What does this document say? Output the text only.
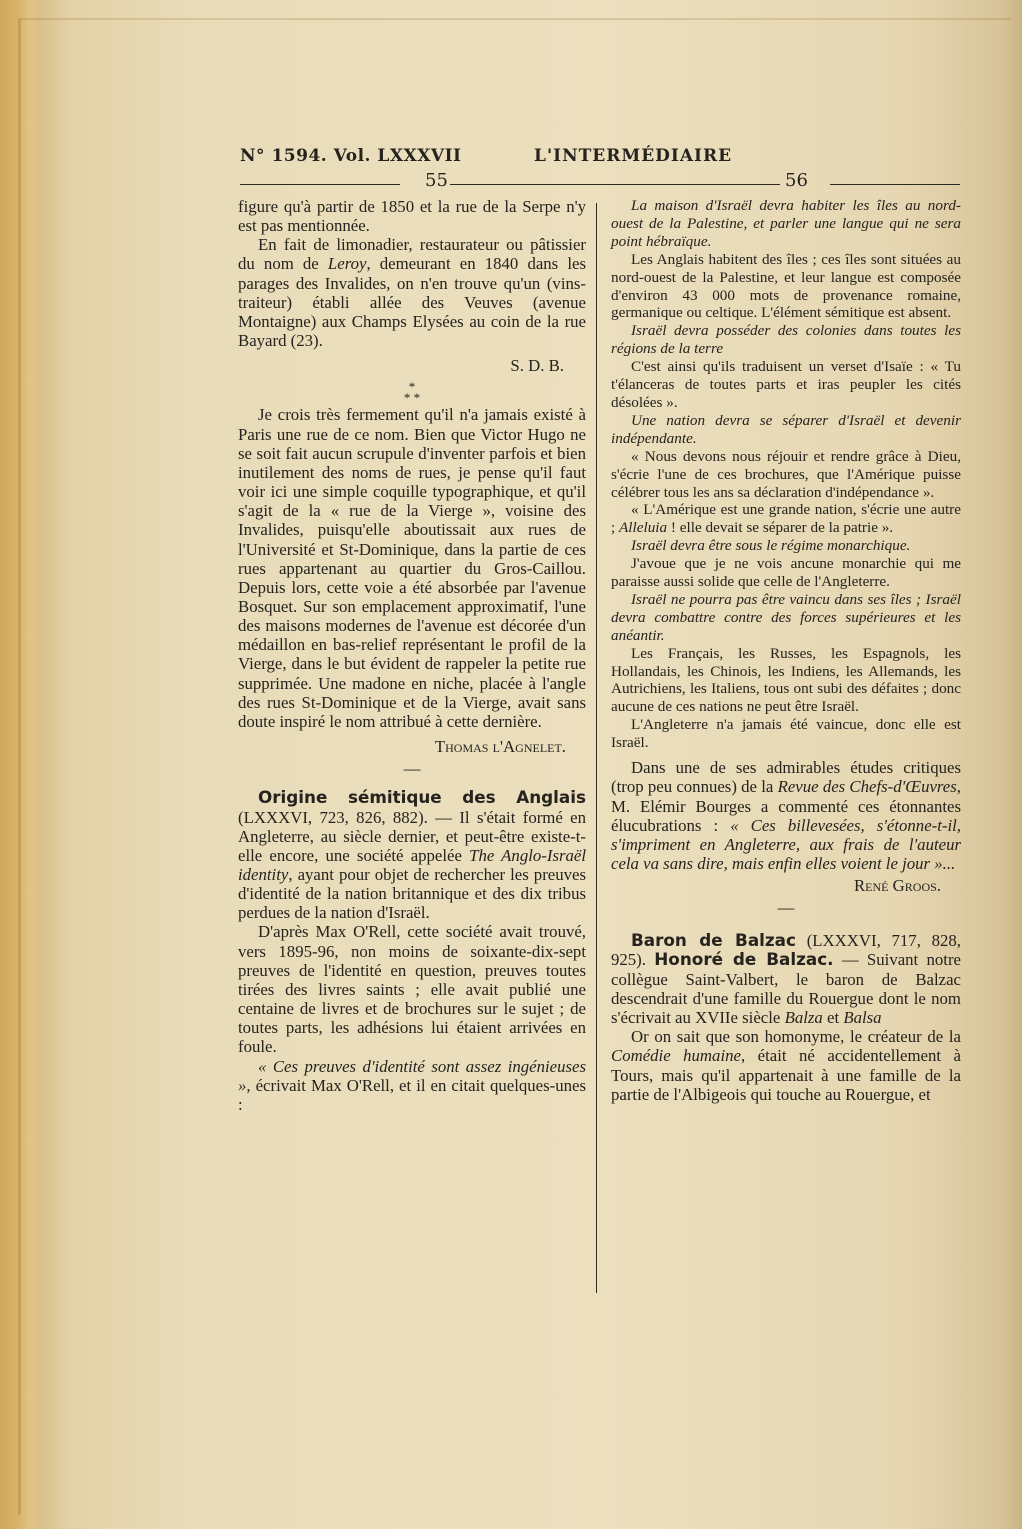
N° 1594. Vol. LXXXVII	L'INTERMÉDIAIRE
55	56

figure qu'à partir de 1850 et la rue de la Serpe n'y est pas mentionnée.

En fait de limonadier, restaurateur ou pâtissier du nom de Leroy, demeurant en 1840 dans les parages des Invalides, on n'en trouve qu'un (vins-traiteur) établi allée des Veuves (avenue Montaigne) aux Champs Elysées au coin de la rue Bayard (23).

S. D. B.

*
* *

Je crois très fermement qu'il n'a jamais existé à Paris une rue de ce nom. Bien que Victor Hugo ne se soit fait aucun scrupule d'inventer parfois et bien inutilement des noms de rues, je pense qu'il faut voir ici une simple coquille typographique, et qu'il s'agit de la « rue de la Vierge », voisine des Invalides, puisqu'elle aboutissait aux rues de l'Université et St-Dominique, dans la partie de ces rues appartenant au quartier du Gros-Caillou. Depuis lors, cette voie a été absorbée par l'avenue Bosquet. Sur son emplacement approximatif, l'une des maisons modernes de l'avenue est décorée d'un médaillon en bas-relief représentant le profil de la Vierge, dans le but évident de rappeler la petite rue supprimée. Une madone en niche, placée à l'angle des rues St-Dominique et de la Vierge, avait sans doute inspiré le nom attribué à cette dernière.

Thomas l'Agnelet.

—

Origine sémitique des Anglais (LXXXVI, 723, 826, 882). — Il s'était formé en Angleterre, au siècle dernier, et peut-être existe-t-elle encore, une société appelée The Anglo-Israël identity, ayant pour objet de rechercher les preuves d'identité de la nation britannique et des dix tribus perdues de la nation d'Israël.

D'après Max O'Rell, cette société avait trouvé, vers 1895-96, non moins de soixante-dix-sept preuves de l'identité en question, preuves toutes tirées des livres saints ; elle avait publié une centaine de livres et de brochures sur le sujet ; de toutes parts, les adhésions lui étaient arrivées en foule.

« Ces preuves d'identité sont assez ingénieuses », écrivait Max O'Rell, et il en citait quelques-unes :

La maison d'Israël devra habiter les îles au nord-ouest de la Palestine, et parler une langue qui ne sera point hébraïque.

Les Anglais habitent des îles ; ces îles sont situées au nord-ouest de la Palestine, et leur langue est composée d'environ 43 000 mots de provenance romaine, germanique ou celtique. L'élément sémitique est absent.

Israël devra posséder des colonies dans toutes les régions de la terre

C'est ainsi qu'ils traduisent un verset d'Isaïe : « Tu t'élanceras de toutes parts et iras peupler les cités désolées ».

Une nation devra se séparer d'Israël et devenir indépendante.

« Nous devons nous réjouir et rendre grâce à Dieu, s'écrie l'une de ces brochures, que l'Amérique puisse célébrer tous les ans sa déclaration d'indépendance ».

« L'Amérique est une grande nation, s'écrie une autre ; Alleluia ! elle devait se séparer de la patrie ».

Israël devra être sous le régime monarchique.

J'avoue que je ne vois ancune monarchie qui me paraisse aussi solide que celle de l'Angleterre.

Israël ne pourra pas être vaincu dans ses îles ; Israël devra combattre contre des forces supérieures et les anéantir.

Les Français, les Russes, les Espagnols, les Hollandais, les Chinois, les Indiens, les Allemands, les Autrichiens, les Italiens, tous ont subi des défaites ; donc aucune de ces nations ne peut être Israël.

L'Angleterre n'a jamais été vaincue, donc elle est Israël.

Dans une de ses admirables études critiques (trop peu connues) de la Revue des Chefs-d'Œuvres, M. Elémir Bourges a commenté ces étonnantes élucubrations : « Ces billevesées, s'étonne-t-il, s'impriment en Angleterre, aux frais de l'auteur cela va sans dire, mais enfin elles voient le jour »...

René Groos.

—

Baron de Balzac (LXXXVI, 717, 828, 925). Honoré de Balzac. — Suivant notre collègue Saint-Valbert, le baron de Balzac descendrait d'une famille du Rouergue dont le nom s'écrivait au XVIIe siècle Balza et Balsa

Or on sait que son homonyme, le créateur de la Comédie humaine, était né accidentellement à Tours, mais qu'il appartenait à une famille de la partie de l'Albigeois qui touche au Rouergue, et
